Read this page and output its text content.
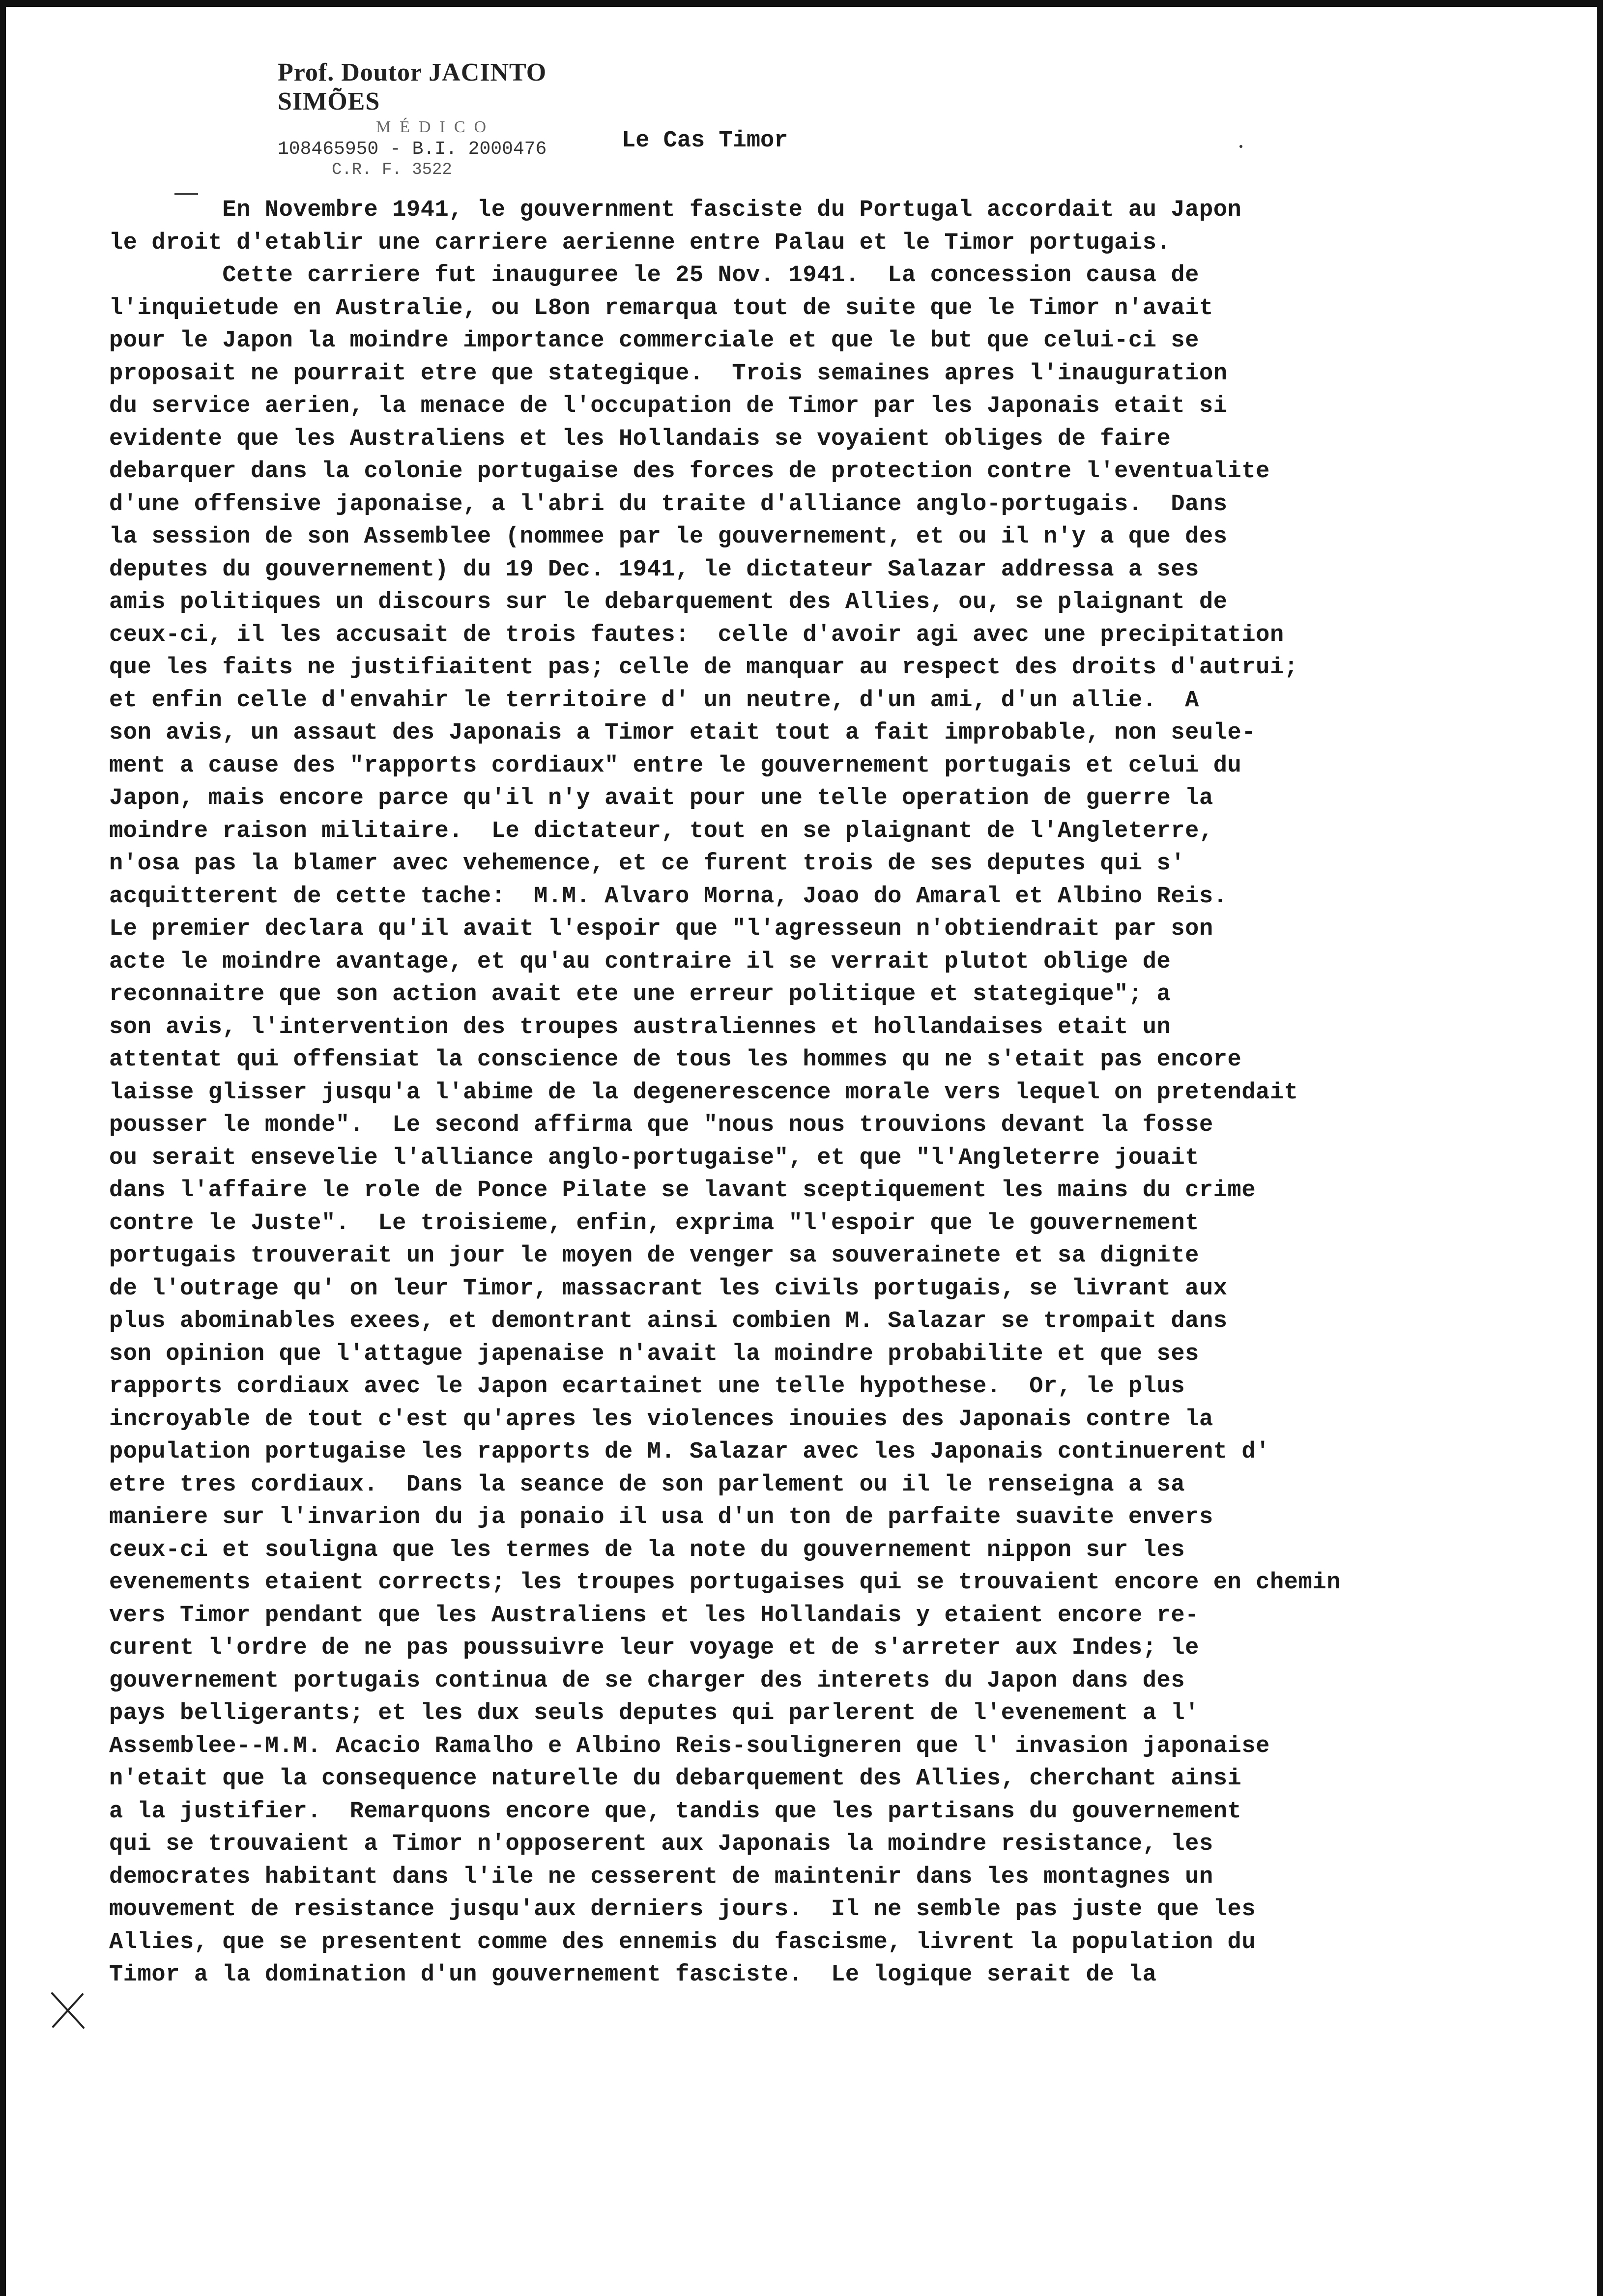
Prof. Doutor JACINTO SIMÕES
MÉDICO
108465950 - B.I. 2000476
C.R. F. 3522
Le Cas Timor
En Novembre 1941, le gouvernment fasciste du Portugal accordait au Japon
le droit d'etablir une carriere aerienne entre Palau et le Timor portugais.
Cette carriere fut inauguree le 25 Nov. 1941.  La concession causa de
l'inquietude en Australie, ou L8on remarqua tout de suite que le Timor n'avait
pour le Japon la moindre importance commerciale et que le but que celui-ci se
proposait ne pourrait etre que stategique.  Trois semaines apres l'inauguration
du service aerien, la menace de l'occupation de Timor par les Japonais etait si
evidente que les Australiens et les Hollandais se voyaient obliges de faire
debarquer dans la colonie portugaise des forces de protection contre l'eventualite
d'une offensive japonaise, a l'abri du traite d'alliance anglo-portugais.  Dans
la session de son Assemblee (nommee par le gouvernement, et ou il n'y a que des
deputes du gouvernement) du 19 Dec. 1941, le dictateur Salazar addressa a ses
amis politiques un discours sur le debarquement des Allies, ou, se plaignant de
ceux-ci, il les accusait de trois fautes:  celle d'avoir agi avec une precipitation
que les faits ne justifiaitent pas; celle de manquar au respect des droits d'autrui;
et enfin celle d'envahir le territoire d' un neutre, d'un ami, d'un allie.  A
son avis, un assaut des Japonais a Timor etait tout a fait improbable, non seule-
ment a cause des "rapports cordiaux" entre le gouvernement portugais et celui du
Japon, mais encore parce qu'il n'y avait pour une telle operation de guerre la
moindre raison militaire.  Le dictateur, tout en se plaignant de l'Angleterre,
n'osa pas la blamer avec vehemence, et ce furent trois de ses deputes qui s'
acquitterent de cette tache:  M.M. Alvaro Morna, Joao do Amaral et Albino Reis.
Le premier declara qu'il avait l'espoir que "l'agresseun n'obtiendrait par son
acte le moindre avantage, et qu'au contraire il se verrait plutot oblige de
reconnaitre que son action avait ete une erreur politique et stategique"; a
son avis, l'intervention des troupes australiennes et hollandaises etait un
attentat qui offensiat la conscience de tous les hommes qu ne s'etait pas encore
laisse glisser jusqu'a l'abime de la degenerescence morale vers lequel on pretendait
pousser le monde".  Le second affirma que "nous nous trouvions devant la fosse
ou serait ensevelie l'alliance anglo-portugaise", et que "l'Angleterre jouait
dans l'affaire le role de Ponce Pilate se lavant sceptiquement les mains du crime
contre le Juste".  Le troisieme, enfin, exprima "l'espoir que le gouvernement
portugais trouverait un jour le moyen de venger sa souverainete et sa dignite
de l'outrage qu' on leur Timor, massacrant les civils portugais, se livrant aux
plus abominables exees, et demontrant ainsi combien M. Salazar se trompait dans
son opinion que l'attague japenaise n'avait la moindre probabilite et que ses
rapports cordiaux avec le Japon ecartainet une telle hypothese.  Or, le plus
incroyable de tout c'est qu'apres les violences inouies des Japonais contre la
population portugaise les rapports de M. Salazar avec les Japonais continuerent d'
etre tres cordiaux.  Dans la seance de son parlement ou il le renseigna a sa
maniere sur l'invarion du ja ponaio il usa d'un ton de parfaite suavite envers
ceux-ci et souligna que les termes de la note du gouvernement nippon sur les
evenements etaient corrects; les troupes portugaises qui se trouvaient encore en chemin
vers Timor pendant que les Australiens et les Hollandais y etaient encore re-
curent l'ordre de ne pas poussuivre leur voyage et de s'arreter aux Indes; le
gouvernement portugais continua de se charger des interets du Japon dans des
pays belligerants; et les dux seuls deputes qui parlerent de l'evenement a l'
Assemblee--M.M. Acacio Ramalho e Albino Reis-souligneren que l' invasion japonaise
n'etait que la consequence naturelle du debarquement des Allies, cherchant ainsi
a la justifier.  Remarquons encore que, tandis que les partisans du gouvernement
qui se trouvaient a Timor n'opposerent aux Japonais la moindre resistance, les
democrates habitant dans l'ile ne cesserent de maintenir dans les montagnes un
mouvement de resistance jusqu'aux derniers jours.  Il ne semble pas juste que les
Allies, que se presentent comme des ennemis du fascisme, livrent la population du
Timor a la domination d'un gouvernement fasciste.  Le logique serait de la
